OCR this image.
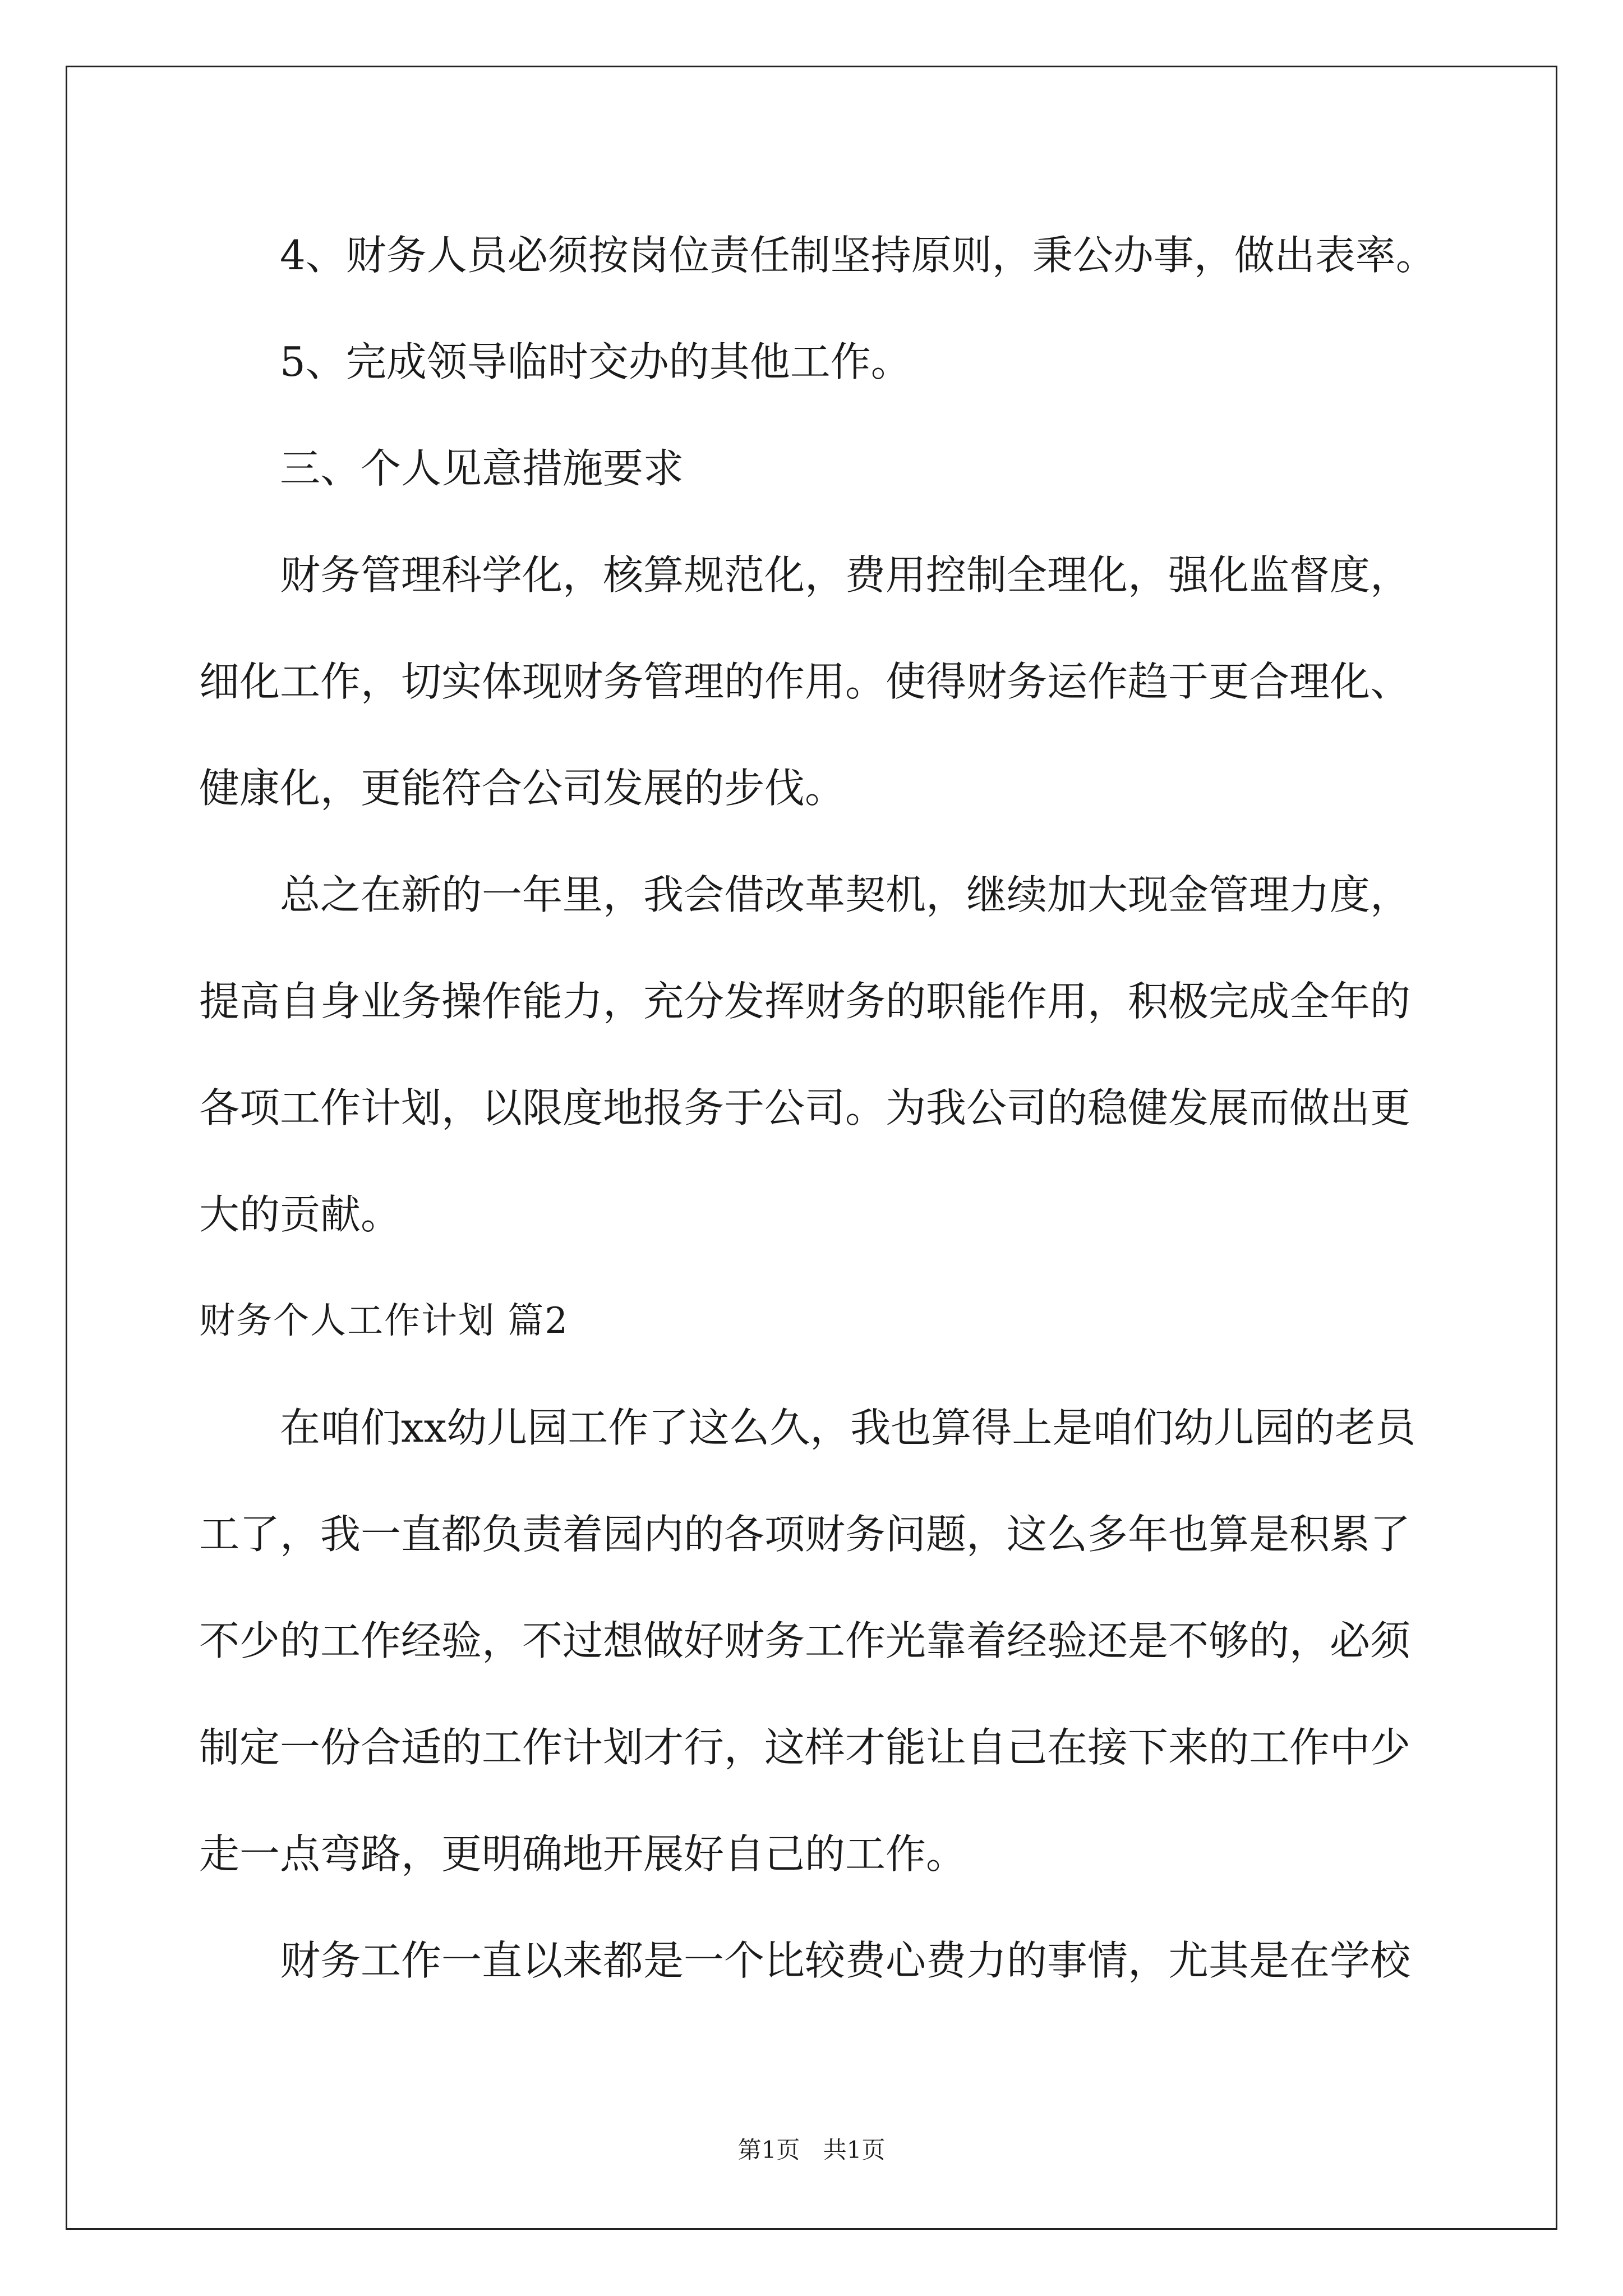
4、财务人员必须按岗位责任制坚持原则，秉公办事，做出表率。

5、完成领导临时交办的其他工作。

三、个人见意措施要求

财务管理科学化，核算规范化，费用控制全理化，强化监督度，

细化工作，切实体现财务管理的作用。使得财务运作趋于更合理化、

健康化，更能符合公司发展的步伐。

总之在新的一年里，我会借改革契机，继续加大现金管理力度，

提高自身业务操作能力，充分发挥财务的职能作用，积极完成全年的

各项工作计划，以限度地报务于公司。为我公司的稳健发展而做出更

大的贡献。

财务个人工作计划 篇2

在咱们xx幼儿园工作了这么久，我也算得上是咱们幼儿园的老员

工了，我一直都负责着园内的各项财务问题，这么多年也算是积累了

不少的工作经验，不过想做好财务工作光靠着经验还是不够的，必须

制定一份合适的工作计划才行，这样才能让自己在接下来的工作中少

走一点弯路，更明确地开展好自己的工作。

财务工作一直以来都是一个比较费心费力的事情，尤其是在学校

第1页 共1页
